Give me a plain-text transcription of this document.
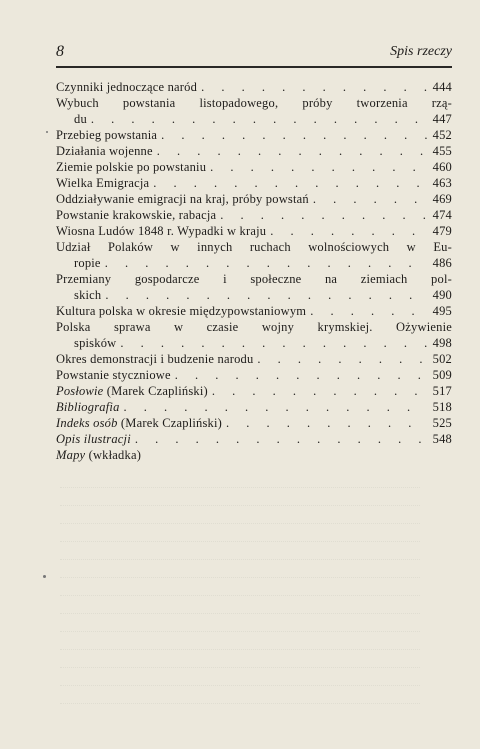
8	Spis rzeczy
Czynniki jednoczące naród . . .	444
Wybuch powstania listopadowego, próby tworzenia rzą-
du . . .	447
Przebieg powstania . . .	452
Działania wojenne . . .	455
Ziemie polskie po powstaniu . . .	460
Wielka Emigracja . . .	463
Oddziaływanie emigracji na kraj, próby powstań . . .	469
Powstanie krakowskie, rabacja . . .	474
Wiosna Ludów 1848 r. Wypadki w kraju . . .	479
Udział Polaków w innych ruchach wolnościowych w Eu-
ropie . . .	486
Przemiany gospodarcze i społeczne na ziemiach pol-
skich . . .	490
Kultura polska w okresie międzypowstaniowym . . .	495
Polska sprawa w czasie wojny krymskiej. Ożywienie
spisków . . .	498
Okres demonstracji i budzenie narodu . . .	502
Powstanie styczniowe . . .	509
Posłowie (Marek Czapliński) . . .	517
Bibliografia . . .	518
Indeks osób (Marek Czapliński) . . .	525
Opis ilustracji . . .	548
Mapy (wkładka)
